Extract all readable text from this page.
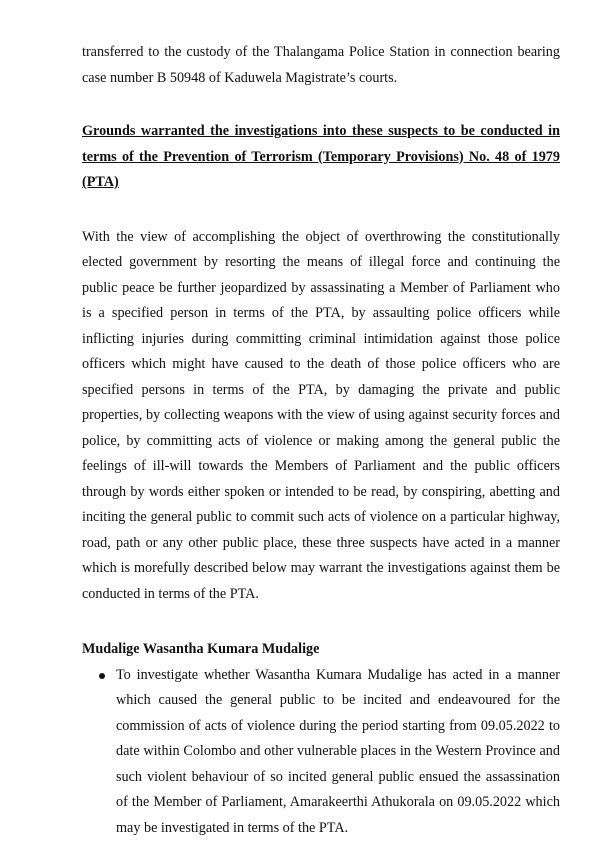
transferred to the custody of the Thalangama Police Station in connection bearing case number B 50948 of Kaduwela Magistrate’s courts.

Grounds warranted the investigations into these suspects to be conducted in terms of the Prevention of Terrorism (Temporary Provisions) No. 48 of 1979 (PTA)

With the view of accomplishing the object of overthrowing the constitutionally elected government by resorting the means of illegal force and continuing the public peace be further jeopardized by assassinating a Member of Parliament who is a specified person in terms of the PTA, by assaulting police officers while inflicting injuries during committing criminal intimidation against those police officers which might have caused to the death of those police officers who are specified persons in terms of the PTA, by damaging the private and public properties, by collecting weapons with the view of using against security forces and police, by committing acts of violence or making among the general public the feelings of ill-will towards the Members of Parliament and the public officers through by words either spoken or intended to be read, by conspiring, abetting and inciting the general public to commit such acts of violence on a particular highway, road, path or any other public place, these three suspects have acted in a manner which is morefully described below may warrant the investigations against them be conducted in terms of the PTA.

Mudalige Wasantha Kumara Mudalige

To investigate whether Wasantha Kumara Mudalige has acted in a manner which caused the general public to be incited and endeavoured for the commission of acts of violence during the period starting from 09.05.2022 to date within Colombo and other vulnerable places in the Western Province and such violent behaviour of so incited general public ensued the assassination of the Member of Parliament, Amarakeerthi Athukorala on 09.05.2022 which may be investigated in terms of the PTA.
